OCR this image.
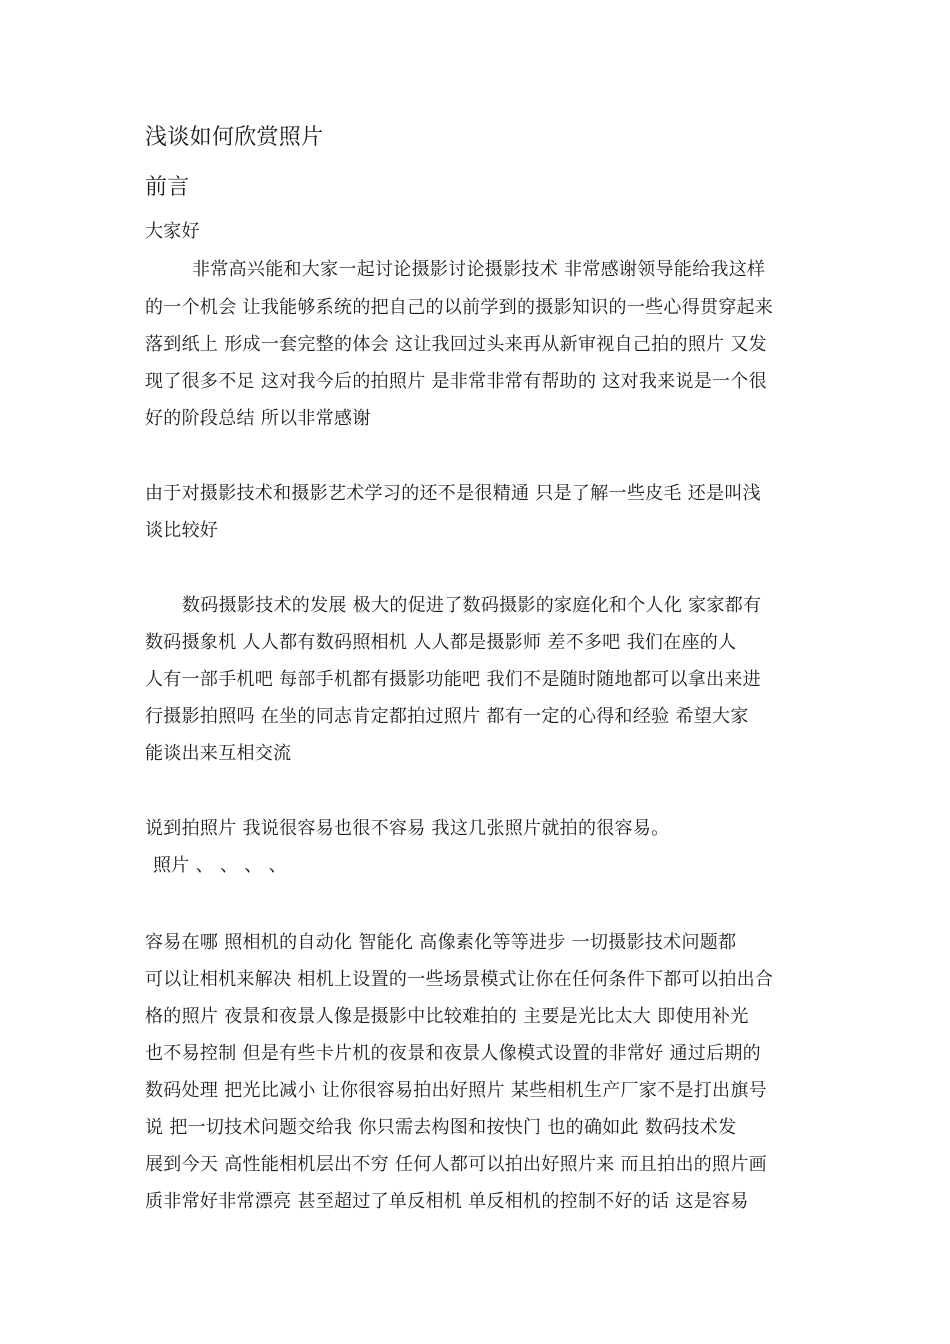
浅谈如何欣赏照片
前言
大家好
非常高兴能和大家一起讨论摄影讨论摄影技术 非常感谢领导能给我这样
的一个机会 让我能够系统的把自己的以前学到的摄影知识的一些心得贯穿起来
落到纸上 形成一套完整的体会 这让我回过头来再从新审视自己拍的照片 又发
现了很多不足 这对我今后的拍照片 是非常非常有帮助的 这对我来说是一个很
好的阶段总结 所以非常感谢
由于对摄影技术和摄影艺术学习的还不是很精通 只是了解一些皮毛 还是叫浅
谈比较好
数码摄影技术的发展 极大的促进了数码摄影的家庭化和个人化 家家都有
数码摄象机 人人都有数码照相机 人人都是摄影师 差不多吧 我们在座的人
人有一部手机吧 每部手机都有摄影功能吧 我们不是随时随地都可以拿出来进
行摄影拍照吗 在坐的同志肯定都拍过照片 都有一定的心得和经验 希望大家
能谈出来互相交流
说到拍照片 我说很容易也很不容易 我这几张照片就拍的很容易。
照片 、 、 、 、
容易在哪 照相机的自动化 智能化 高像素化等等进步 一切摄影技术问题都
可以让相机来解决 相机上设置的一些场景模式让你在任何条件下都可以拍出合
格的照片 夜景和夜景人像是摄影中比较难拍的 主要是光比太大 即使用补光
也不易控制 但是有些卡片机的夜景和夜景人像模式设置的非常好 通过后期的
数码处理 把光比减小 让你很容易拍出好照片 某些相机生产厂家不是打出旗号
说 把一切技术问题交给我 你只需去构图和按快门 也的确如此 数码技术发
展到今天 高性能相机层出不穷 任何人都可以拍出好照片来 而且拍出的照片画
质非常好非常漂亮 甚至超过了单反相机 单反相机的控制不好的话 这是容易
